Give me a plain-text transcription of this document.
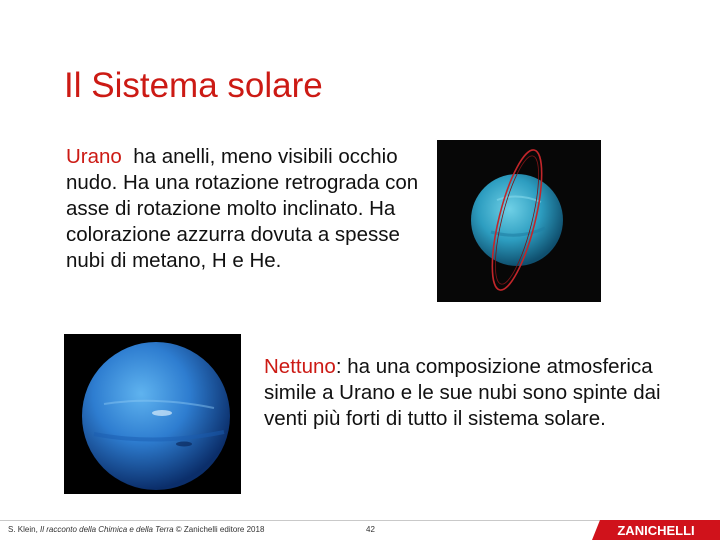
Il Sistema solare
Urano  ha anelli, meno visibili occhio nudo. Ha una rotazione retrograda con asse di rotazione molto inclinato. Ha colorazione azzurra dovuta a spesse nubi di metano, H e He.
Nettuno: ha una composizione atmosferica simile a Urano e le sue nubi sono spinte dai venti più forti di tutto il sistema solare.
S. Klein, Il racconto della Chimica e della Terra © Zanichelli editore 2018	42	ZANICHELLI
